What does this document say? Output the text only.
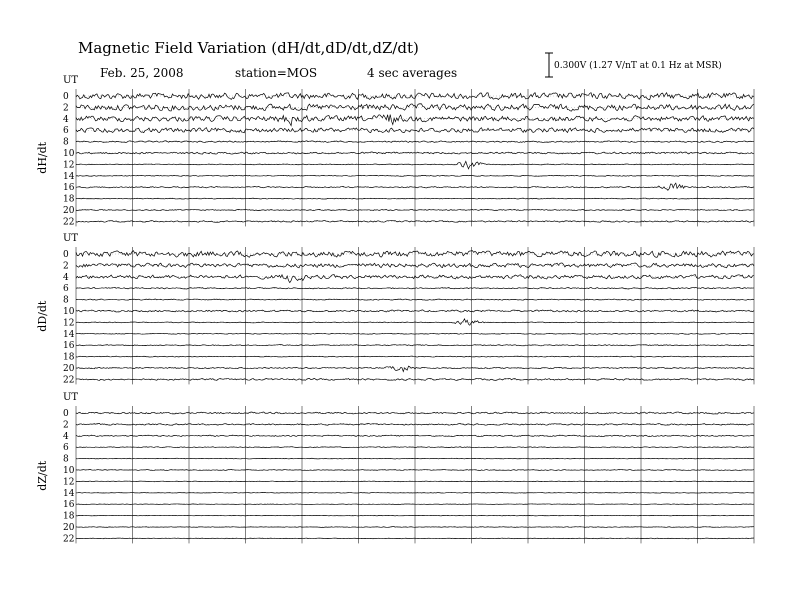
Magnetic Field Variation (dH/dt,dD/dt,dZ/dt)
Feb. 25, 2008	station=MOS	4 sec averages	0.300V (1.27 V/nT at 0.1 Hz at MSR)
UT
dH/dt
0
2
4
6
8
10
12
14
16
18
20
22
UT
dD/dt
0
2
4
6
8
10
12
14
16
18
20
22
UT
dZ/dt
0
2
4
6
8
10
12
14
16
18
20
22
